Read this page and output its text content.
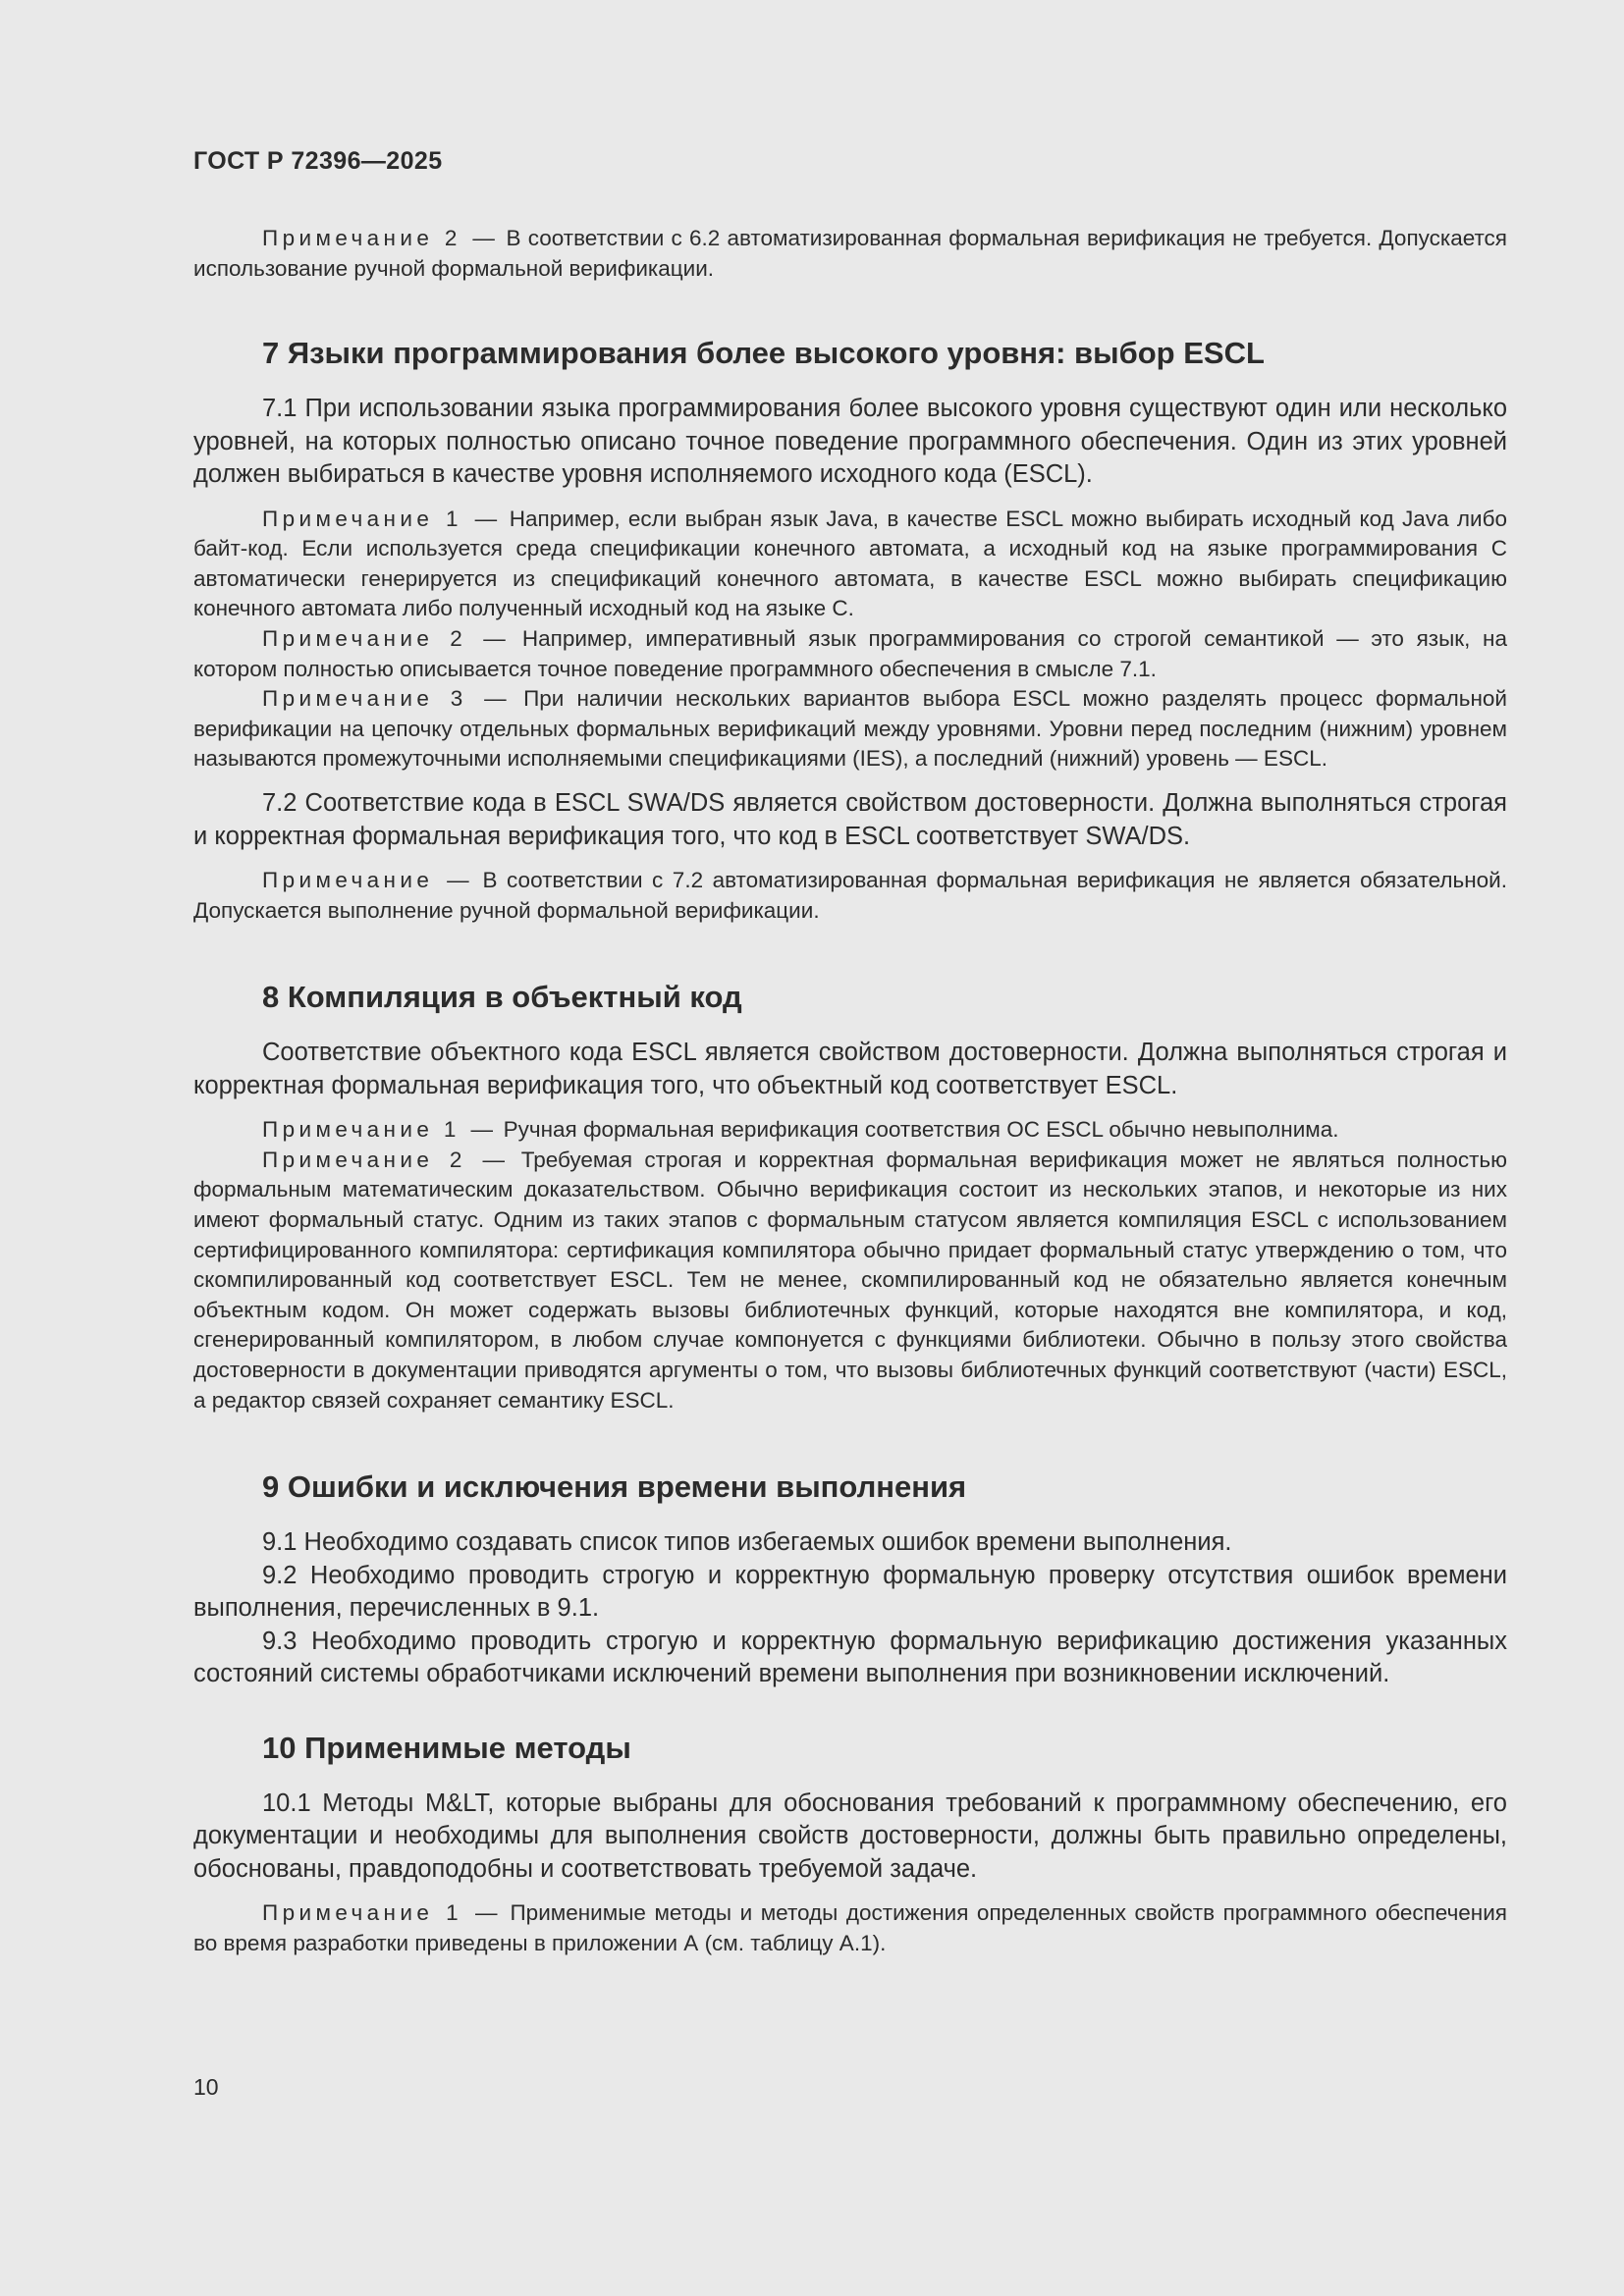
ГОСТ Р 72396—2025

Примечание 2 — В соответствии с 6.2 автоматизированная формальная верификация не требуется. Допускается использование ручной формальной верификации.

7 Языки программирования более высокого уровня: выбор ESCL

7.1 При использовании языка программирования более высокого уровня существуют один или несколько уровней, на которых полностью описано точное поведение программного обеспечения. Один из этих уровней должен выбираться в качестве уровня исполняемого исходного кода (ESCL).

Примечание 1 — Например, если выбран язык Java, в качестве ESCL можно выбирать исходный код Java либо байт-код. Если используется среда спецификации конечного автомата, а исходный код на языке программирования C автоматически генерируется из спецификаций конечного автомата, в качестве ESCL можно выбирать спецификацию конечного автомата либо полученный исходный код на языке C.

Примечание 2 — Например, императивный язык программирования со строгой семантикой — это язык, на котором полностью описывается точное поведение программного обеспечения в смысле 7.1.

Примечание 3 — При наличии нескольких вариантов выбора ESCL можно разделять процесс формальной верификации на цепочку отдельных формальных верификаций между уровнями. Уровни перед последним (нижним) уровнем называются промежуточными исполняемыми спецификациями (IES), а последний (нижний) уровень — ESCL.

7.2 Соответствие кода в ESCL SWA/DS является свойством достоверности. Должна выполняться строгая и корректная формальная верификация того, что код в ESCL соответствует SWA/DS.

Примечание — В соответствии с 7.2 автоматизированная формальная верификация не является обязательной. Допускается выполнение ручной формальной верификации.

8 Компиляция в объектный код

Соответствие объектного кода ESCL является свойством достоверности. Должна выполняться строгая и корректная формальная верификация того, что объектный код соответствует ESCL.

Примечание 1 — Ручная формальная верификация соответствия ОС ESCL обычно невыполнима.

Примечание 2 — Требуемая строгая и корректная формальная верификация может не являться полностью формальным математическим доказательством. Обычно верификация состоит из нескольких этапов, и некоторые из них имеют формальный статус. Одним из таких этапов с формальным статусом является компиляция ESCL с использованием сертифицированного компилятора: сертификация компилятора обычно придает формальный статус утверждению о том, что скомпилированный код соответствует ESCL. Тем не менее, скомпилированный код не обязательно является конечным объектным кодом. Он может содержать вызовы библиотечных функций, которые находятся вне компилятора, и код, сгенерированный компилятором, в любом случае компонуется с функциями библиотеки. Обычно в пользу этого свойства достоверности в документации приводятся аргументы о том, что вызовы библиотечных функций соответствуют (части) ESCL, а редактор связей сохраняет семантику ESCL.

9 Ошибки и исключения времени выполнения

9.1 Необходимо создавать список типов избегаемых ошибок времени выполнения.

9.2 Необходимо проводить строгую и корректную формальную проверку отсутствия ошибок времени выполнения, перечисленных в 9.1.

9.3 Необходимо проводить строгую и корректную формальную верификацию достижения указанных состояний системы обработчиками исключений времени выполнения при возникновении исключений.

10 Применимые методы

10.1 Методы M&LT, которые выбраны для обоснования требований к программному обеспечению, его документации и необходимы для выполнения свойств достоверности, должны быть правильно определены, обоснованы, правдоподобны и соответствовать требуемой задаче.

Примечание 1 — Применимые методы и методы достижения определенных свойств программного обеспечения во время разработки приведены в приложении А (см. таблицу А.1).

10
